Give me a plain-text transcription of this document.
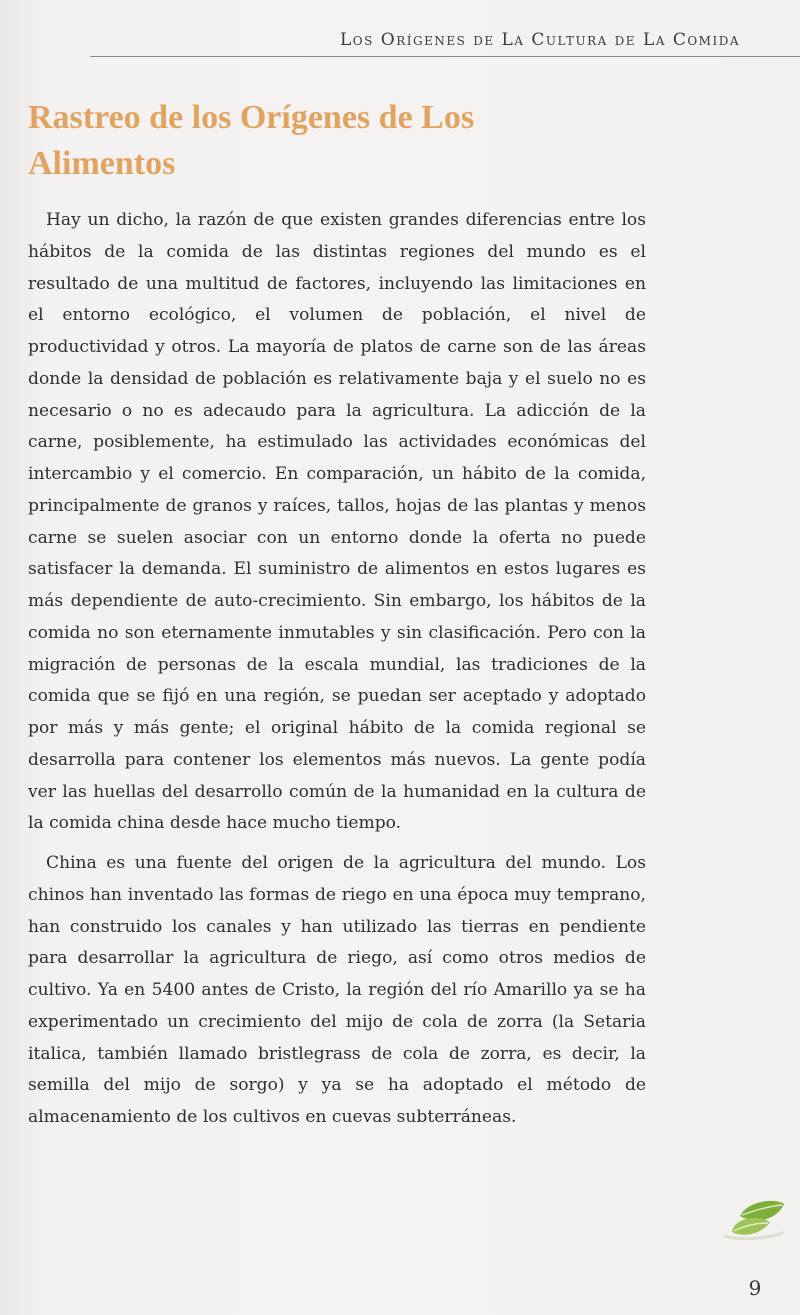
Los Orígenes de La Cultura de La Comida
Rastreo de los Orígenes de Los Alimentos

Hay un dicho, la razón de que existen grandes diferencias entre los hábitos de la comida de las distintas regiones del mundo es el resultado de una multitud de factores, incluyendo las limitaciones en el entorno ecológico, el volumen de población, el nivel de productividad y otros. La mayoría de platos de carne son de las áreas donde la densidad de población es relativamente baja y el suelo no es necesario o no es adecaudo para la agricultura. La adicción de la carne, posiblemente, ha estimulado las actividades económicas del intercambio y el comercio. En comparación, un hábito de la comida, principalmente de granos y raíces, tallos, hojas de las plantas y menos carne se suelen asociar con un entorno donde la oferta no puede satisfacer la demanda. El suministro de alimentos en estos lugares es más dependiente de auto-crecimiento. Sin embargo, los hábitos de la comida no son eternamente inmutables y sin clasificación. Pero con la migración de personas de la escala mundial, las tradiciones de la comida que se fijó en una región, se puedan ser aceptado y adoptado por más y más gente; el original hábito de la comida regional se desarrolla para contener los elementos más nuevos. La gente podía ver las huellas del desarrollo común de la humanidad en la cultura de la comida china desde hace mucho tiempo.

China es una fuente del origen de la agricultura del mundo. Los chinos han inventado las formas de riego en una época muy temprano, han construido los canales y han utilizado las tierras en pendiente para desarrollar la agricultura de riego, así como otros medios de cultivo. Ya en 5400 antes de Cristo, la región del río Amarillo ya se ha experimentado un crecimiento del mijo de cola de zorra (la Setaria italica, también llamado bristlegrass de cola de zorra, es decir, la semilla del mijo de sorgo) y ya se ha adoptado el método de almacenamiento de los cultivos en cuevas subterráneas.

9
